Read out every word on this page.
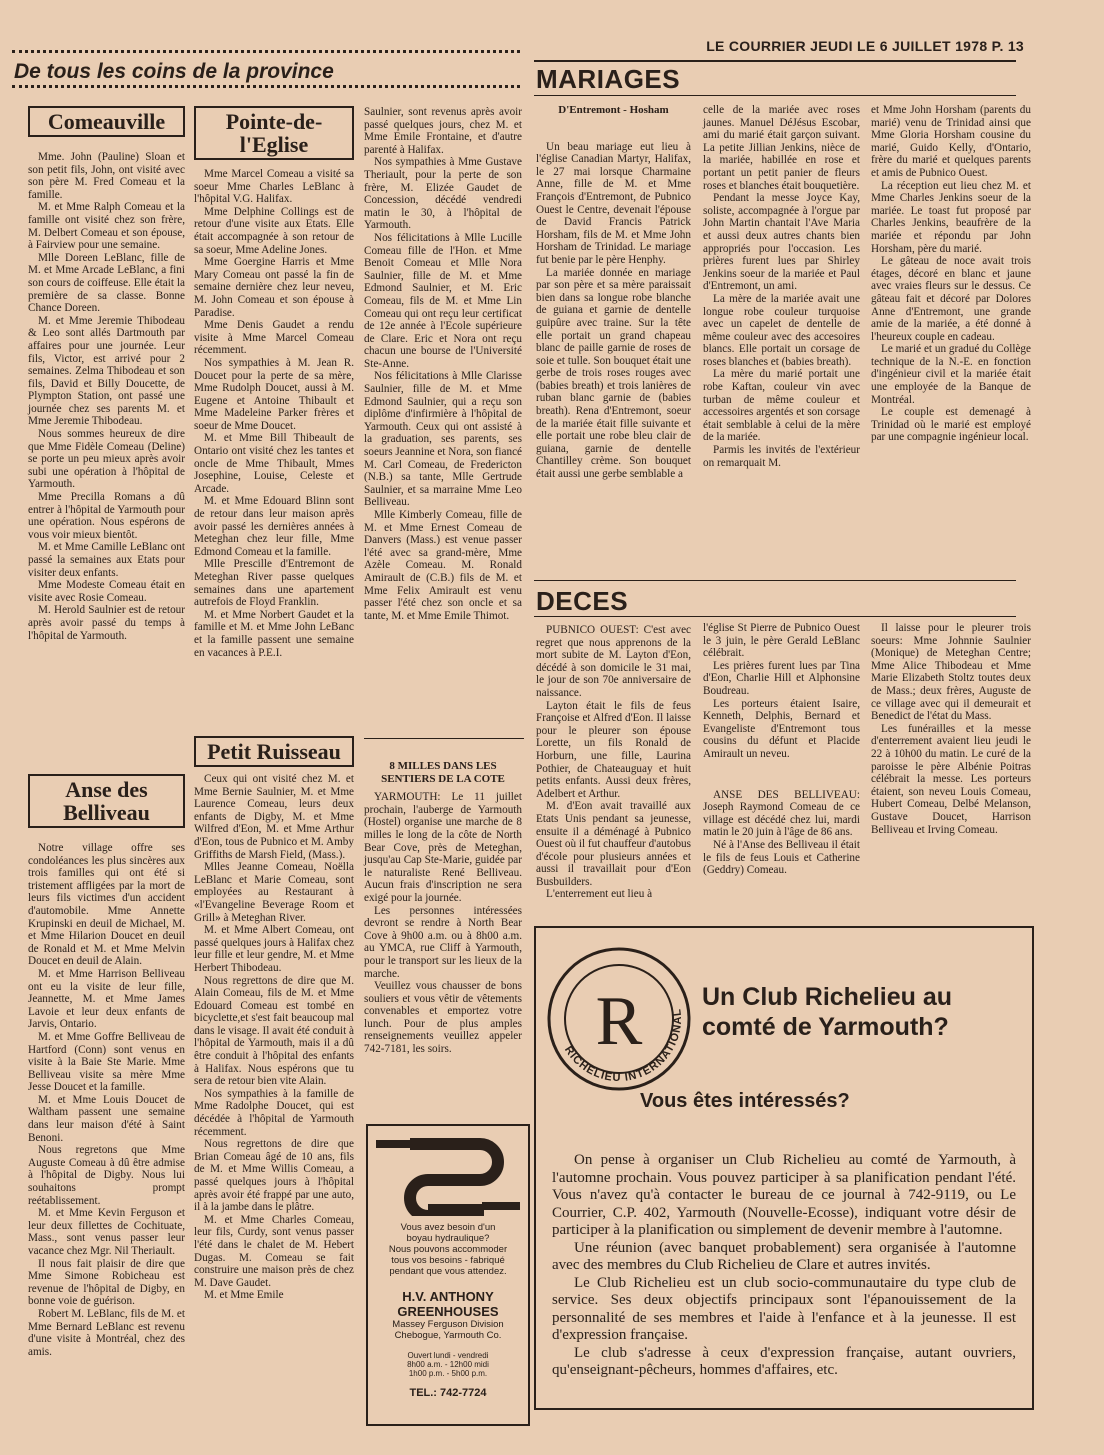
LE COURRIER JEUDI LE 6 JUILLET 1978 P. 13
De tous les coins de la province
Comeauville

Mme. John (Pauline) Sloan et son petit fils, John, ont visité avec son père M. Fred Comeau et la famille.

M. et Mme Ralph Comeau et la famille ont visité chez son frère, M. Delbert Comeau et son épouse, à Fairview pour une semaine.

Mlle Doreen LeBlanc, fille de M. et Mme Arcade LeBlanc, a fini son cours de coiffeuse. Elle était la première de sa classe. Bonne Chance Doreen.

M. et Mme Jeremie Thibodeau & Leo sont allés Dartmouth par affaires pour une journée. Leur fils, Victor, est arrivé pour 2 semaines. Zelma Thibodeau et son fils, David et Billy Doucette, de Plympton Station, ont passé une journée chez ses parents M. et Mme Jeremie Thibodeau.

Nous sommes heureux de dire que Mme Fidèle Comeau (Deline) se porte un peu mieux après avoir subi une opération à l'hôpital de Yarmouth.

Mme Precilla Romans a dû entrer à l'hôpital de Yarmouth pour une opération. Nous espérons de vous voir mieux bientôt.

M. et Mme Camille LeBlanc ont passé la semaines aux Etats pour visiter deux enfants.

Mme Modeste Comeau était en visite avec Rosie Comeau.

M. Herold Saulnier est de retour après avoir passé du temps à l'hôpital de Yarmouth.

Anse des Belliveau

Notre village offre ses condoléances les plus sincères aux trois familles qui ont été si tristement affligées par la mort de leurs fils victimes d'un accident d'automobile. Mme Annette Krupinski en deuil de Michael, M. et Mme Hilarion Doucet en deuil de Ronald et M. et Mme Melvin Doucet en deuil de Alain.

M. et Mme Harrison Belliveau ont eu la visite de leur fille, Jeannette, M. et Mme James Lavoie et leur deux enfants de Jarvis, Ontario.

M. et Mme Goffre Belliveau de Hartford (Conn) sont venus en visite à la Baie Ste Marie. Mme Belliveau visite sa mère Mme Jesse Doucet et la famille.

M. et Mme Louis Doucet de Waltham passent une semaine dans leur maison d'été à Saint Benoni.

Nous regretons que Mme Auguste Comeau à dû être admise à l'hôpital de Digby. Nous lui souhaitons prompt reétablissement.

M. et Mme Kevin Ferguson et leur deux fillettes de Cochituate, Mass., sont venus passer leur vacance chez Mgr. Nil Theriault.

Il nous fait plaisir de dire que Mme Simone Robicheau est revenue de l'hôpital de Digby, en bonne voie de guérison.

Robert M. LeBlanc, fils de M. et Mme Bernard LeBlanc est revenu d'une visite à Montréal, chez des amis.

Pointe-de-l'Eglise

Mme Marcel Comeau a visité sa soeur Mme Charles LeBlanc à l'hôpital V.G. Halifax.

Mme Delphine Collings est de retour d'une visite aux Etats. Elle était accompagnée à son retour de sa soeur, Mme Adeline Jones.

Mme Goergine Harris et Mme Mary Comeau ont passé la fin de semaine dernière chez leur neveu, M. John Comeau et son épouse à Paradise.

Mme Denis Gaudet a rendu visite à Mme Marcel Comeau récemment.

Nos sympathies à M. Jean R. Doucet pour la perte de sa mère, Mme Rudolph Doucet, aussi à M. Eugene et Antoine Thibault et Mme Madeleine Parker frères et soeur de Mme Doucet.

M. et Mme Bill Thibeault de Ontario ont visité chez les tantes et oncle de Mme Thibault, Mmes Josephine, Louise, Celeste et Arcade.

M. et Mme Edouard Blinn sont de retour dans leur maison après avoir passé les dernières années à Meteghan chez leur fille, Mme Edmond Comeau et la famille.

Mlle Prescille d'Entremont de Meteghan River passe quelques semaines dans une apartement autrefois de Floyd Franklin.

M. et Mme Norbert Gaudet et la famille et M. et Mme John LeBanc et la famille passent une semaine en vacances à P.E.I.

Petit Ruisseau

Ceux qui ont visité chez M. et Mme Bernie Saulnier, M. et Mme Laurence Comeau, leurs deux enfants de Digby, M. et Mme Wilfred d'Eon, M. et Mme Arthur d'Eon, tous de Pubnico et M. Amby Griffiths de Marsh Field, (Mass.).

Mlles Jeanne Comeau, Noëlla LeBlanc et Marie Comeau, sont employées au Restaurant à «l'Evangeline Beverage Room et Grill» à Meteghan River.

M. et Mme Albert Comeau, ont passé quelques jours à Halifax chez leur fille et leur gendre, M. et Mme Herbert Thibodeau.

Nous regrettons de dire que M. Alain Comeau, fils de M. et Mme Edouard Comeau est tombé en bicyclette,et s'est fait beaucoup mal dans le visage. Il avait été conduit à l'hôpital de Yarmouth, mais il a dû être conduit à l'hôpital des enfants à Halifax. Nous espérons que tu sera de retour bien vite Alain.

Nos sympathies à la famille de Mme Radolphe Doucet, qui est décédée à l'hôpital de Yarmouth récemment.

Nous regrettons de dire que Brian Comeau âgé de 10 ans, fils de M. et Mme Willis Comeau, a passé quelques jours à l'hôpital après avoir été frappé par une auto, il à la jambe dans le plâtre.

M. et Mme Charles Comeau, leur fils, Curdy, sont venus passer l'été dans le chalet de M. Hebert Dugas. M. Comeau se fait construire une maison près de chez M. Dave Gaudet.

M. et Mme Emile

Saulnier, sont revenus après avoir passé quelques jours, chez M. et Mme Emile Frontaine, et d'autre parenté à Halifax.

Nos sympathies à Mme Gustave Theriault, pour la perte de son frère, M. Elizée Gaudet de Concession, décédé vendredi matin le 30, à l'hôpital de Yarmouth.

Nos félicitations à Mlle Lucille Comeau fille de l'Hon. et Mme Benoit Comeau et Mlle Nora Saulnier, fille de M. et Mme Edmond Saulnier, et M. Eric Comeau, fils de M. et Mme Lin Comeau qui ont reçu leur certificat de 12e année à l'Ecole supérieure de Clare. Eric et Nora ont reçu chacun une bourse de l'Université Ste-Anne.

Nos félicitations à Mlle Clarisse Saulnier, fille de M. et Mme Edmond Saulnier, qui a reçu son diplôme d'infirmière à l'hôpital de Yarmouth. Ceux qui ont assisté à la graduation, ses parents, ses soeurs Jeannine et Nora, son fiancé M. Carl Comeau, de Fredericton (N.B.) sa tante, Mlle Gertrude Saulnier, et sa marraine Mme Leo Belliveau.

Mlle Kimberly Comeau, fille de M. et Mme Ernest Comeau de Danvers (Mass.) est venue passer l'été avec sa grand-mère, Mme Azèle Comeau. M. Ronald Amirault de (C.B.) fils de M. et Mme Felix Amirault est venu passer l'été chez son oncle et sa tante, M. et Mme Emile Thimot.

8 MILLES DANS LES SENTIERS DE LA COTE

YARMOUTH: Le 11 juillet prochain, l'auberge de Yarmouth (Hostel) organise une marche de 8 milles le long de la côte de North Bear Cove, près de Meteghan, jusqu'au Cap Ste-Marie, guidée par le naturaliste René Belliveau. Aucun frais d'inscription ne sera exigé pour la journée.

Les personnes intéressées devront se rendre à North Bear Cove à 9h00 a.m. ou à 8h00 a.m. au YMCA, rue Cliff à Yarmouth, pour le transport sur les lieux de la marche.

Veuillez vous chausser de bons souliers et vous vêtir de vêtements convenables et emportez votre lunch. Pour de plus amples renseignements veuillez appeler 742-7181, les soirs.

Vous avez besoin d'un
boyau hydraulique?
Nous pouvons accommoder
tous vos besoins - fabriqué
pendant que vous attendez.
H.V. ANTHONY
GREENHOUSES
Massey Ferguson Division
Chebogue, Yarmouth Co.
Ouvert lundi - vendredi
8h00 a.m. - 12h00 midi
1h00 p.m. - 5h00 p.m.
TEL.: 742-7724
MARIAGES
D'Entremont - Hosham

Un beau mariage eut lieu à l'église Canadian Martyr, Halifax, le 27 mai lorsque Charmaine Anne, fille de M. et Mme François d'Entremont, de Pubnico Ouest le Centre, devenait l'épouse de David Francis Patrick Horsham, fils de M. et Mme John Horsham de Trinidad. Le mariage fut benie par le père Henphy.

La mariée donnée en mariage par son père et sa mère paraissait bien dans sa longue robe blanche de guiana et garnie de dentelle guipûre avec traine. Sur la tête elle portait un grand chapeau blanc de paille garnie de roses de soie et tulle. Son bouquet était une gerbe de trois roses rouges avec (babies breath) et trois lanières de ruban blanc garnie de (babies breath). Rena d'Entremont, soeur de la mariée était fille suivante et elle portait une robe bleu clair de guiana, garnie de dentelle Chantilley crème. Son bouquet était aussi une gerbe semblable a

celle de la mariée avec roses jaunes. Manuel DéJésus Escobar, ami du marié était garçon suivant. La petite Jillian Jenkins, nièce de la mariée, habillée en rose et portant un petit panier de fleurs roses et blanches était bouquetière.

Pendant la messe Joyce Kay, soliste, accompagnée à l'orgue par John Martin chantait l'Ave Maria et aussi deux autres chants bien appropriés pour l'occasion. Les prières furent lues par Shirley Jenkins soeur de la mariée et Paul d'Entremont, un ami.

La mère de la mariée avait une longue robe couleur turquoise avec un capelet de dentelle de même couleur avec des accesoires blancs. Elle portait un corsage de roses blanches et (babies breath).

La mère du marié portait une robe Kaftan, couleur vin avec turban de même couleur et accessoires argentés et son corsage était semblable à celui de la mère de la mariée.

Parmis les invités de l'extérieur on remarquait M.

et Mme John Horsham (parents du marié) venu de Trinidad ainsi que Mme Gloria Horsham cousine du marié, Guido Kelly, d'Ontario, frère du marié et quelques parents et amis de Pubnico Ouest.

La réception eut lieu chez M. et Mme Charles Jenkins soeur de la mariée. Le toast fut proposé par Charles Jenkins, beaufrère de la mariée et répondu par John Horsham, père du marié.

Le gâteau de noce avait trois étages, décoré en blanc et jaune avec vraies fleurs sur le dessus. Ce gâteau fait et décoré par Dolores Anne d'Entremont, une grande amie de la mariée, a été donné à l'heureux couple en cadeau.

Le marié et un gradué du Collège technique de la N.-E. en fonction d'ingénieur civil et la mariée était une employée de la Banque de Montréal.

Le couple est demenagé à Trinidad où le marié est employé par une compagnie ingénieur local.

DECES

PUBNICO OUEST: C'est avec regret que nous apprenons de la mort subite de M. Layton d'Eon, décédé à son domicile le 31 mai, le jour de son 70e anniversaire de naissance.

Layton était le fils de feus Françoise et Alfred d'Eon. Il laisse pour le pleurer son épouse Lorette, un fils Ronald de Horburn, une fille, Laurina Pothier, de Chateauguay et huit petits enfants. Aussi deux frères, Adelbert et Arthur.

M. d'Eon avait travaillé aux Etats Unis pendant sa jeunesse, ensuite il a déménagé à Pubnico Ouest où il fut chauffeur d'autobus d'école pour plusieurs années et aussi il travaillait pour d'Eon Busbuilders.

L'enterrement eut lieu à

l'église St Pierre de Pubnico Ouest le 3 juin, le père Gerald LeBlanc célébrait.

Les prières furent lues par Tina d'Eon, Charlie Hill et Alphonsine Boudreau.

Les porteurs étaient Isaire, Kenneth, Delphis, Bernard et Evangeliste d'Entremont tous cousins du défunt et Placide Amirault un neveu.

ANSE DES BELLIVEAU: Joseph Raymond Comeau de ce village est décédé chez lui, mardi matin le 20 juin à l'âge de 86 ans.

Né à l'Anse des Belliveau il était le fils de feus Louis et Catherine (Geddry) Comeau.

Il laisse pour le pleurer trois soeurs: Mme Johnnie Saulnier (Monique) de Meteghan Centre; Mme Alice Thibodeau et Mme Marie Elizabeth Stoltz toutes deux de Mass.; deux frères, Auguste de ce village avec qui il demeurait et Benedict de l'état du Mass.

Les funérailles et la messe d'enterrement avaient lieu jeudi le 22 à 10h00 du matin. Le curé de la paroisse le père Albénie Poitras célébrait la messe. Les porteurs étaient, son neveu Louis Comeau, Hubert Comeau, Delbé Melanson, Gustave Doucet, Harrison Belliveau et Irving Comeau.

RICHELIEU INTERNATIONAL
R Un Club Richelieu au
comté de Yarmouth?
Vous êtes intéressés?

On pense à organiser un Club Richelieu au comté de Yarmouth, à l'automne prochain. Vous pouvez participer à sa planification pendant l'été. Vous n'avez qu'à contacter le bureau de ce journal à 742-9119, ou Le Courrier, C.P. 402, Yarmouth (Nouvelle-Ecosse), indiquant votre désir de participer à la planification ou simplement de devenir membre à l'automne.

Une réunion (avec banquet probablement) sera organisée à l'automne avec des membres du Club Richelieu de Clare et autres invités.

Le Club Richelieu est un club socio-communautaire du type club de service. Ses deux objectifs principaux sont l'épanouissement de la personnalité de ses membres et l'aide à l'enfance et à la jeunesse. Il est d'expression française.

Le club s'adresse à ceux d'expression française, autant ouvriers, qu'enseignant-pêcheurs, hommes d'affaires, etc.
